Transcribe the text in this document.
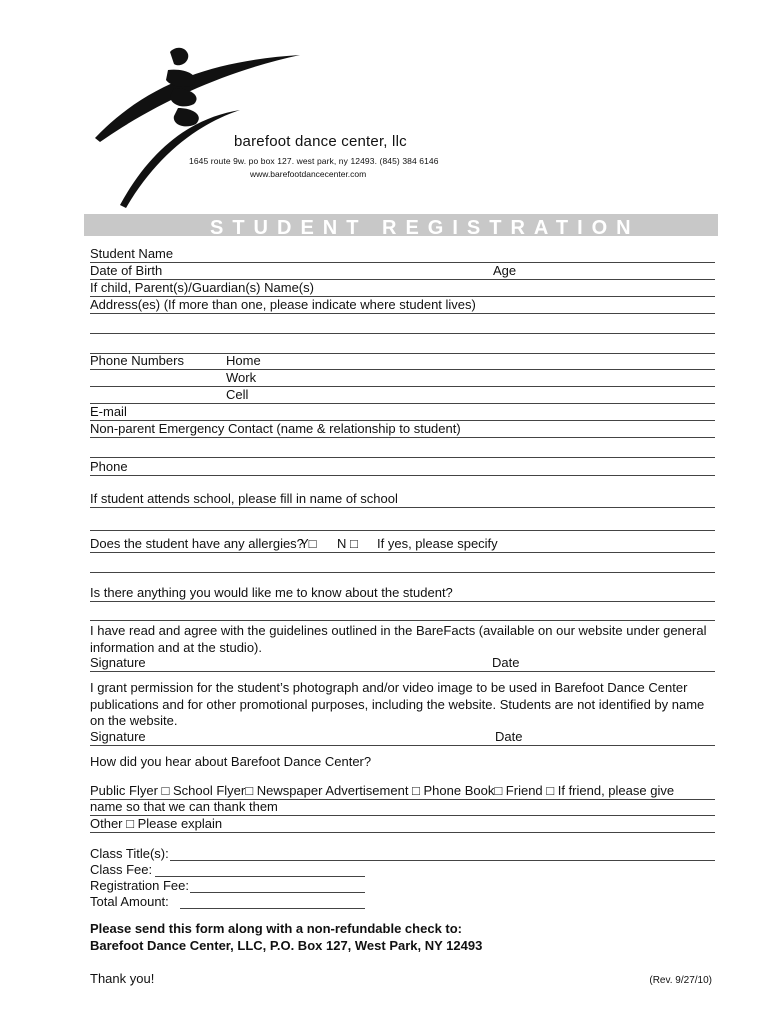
barefoot dance center, llc
1645 route 9w. po box 127. west park, ny 12493. (845) 384 6146
www.barefootdancecenter.com
STUDENT REGISTRATION
Student Name
Date of Birth	Age
If child, Parent(s)/Guardian(s) Name(s)
Address(es) (If more than one, please indicate where student lives)
Phone Numbers	Home
Work
Cell
E-mail
Non-parent Emergency Contact (name & relationship to student)
Phone
If student attends school, please fill in name of school
Does the student have any allergies?
Y□ N □ If yes, please specify
Is there anything you would like me to know about the student?
I have read and agree with the guidelines outlined in the BareFacts (available on our website under general
information and at the studio).
Signature	Date
I grant permission for the student’s photograph and/or video image to be used in Barefoot Dance Center
publications and for other promotional purposes, including the website. Students are not identified by name
on the website.
Signature	Date
How did you hear about Barefoot Dance Center?
Public Flyer □ School Flyer□ Newspaper Advertisement □ Phone Book□ Friend □ If friend, please give
name so that we can thank them
Other □ Please explain
Class Title(s):
Class Fee:
Registration Fee:
Total Amount:
Please send this form along with a non-refundable check to:
Barefoot Dance Center, LLC, P.O. Box 127, West Park, NY 12493
Thank you!	(Rev. 9/27/10)
